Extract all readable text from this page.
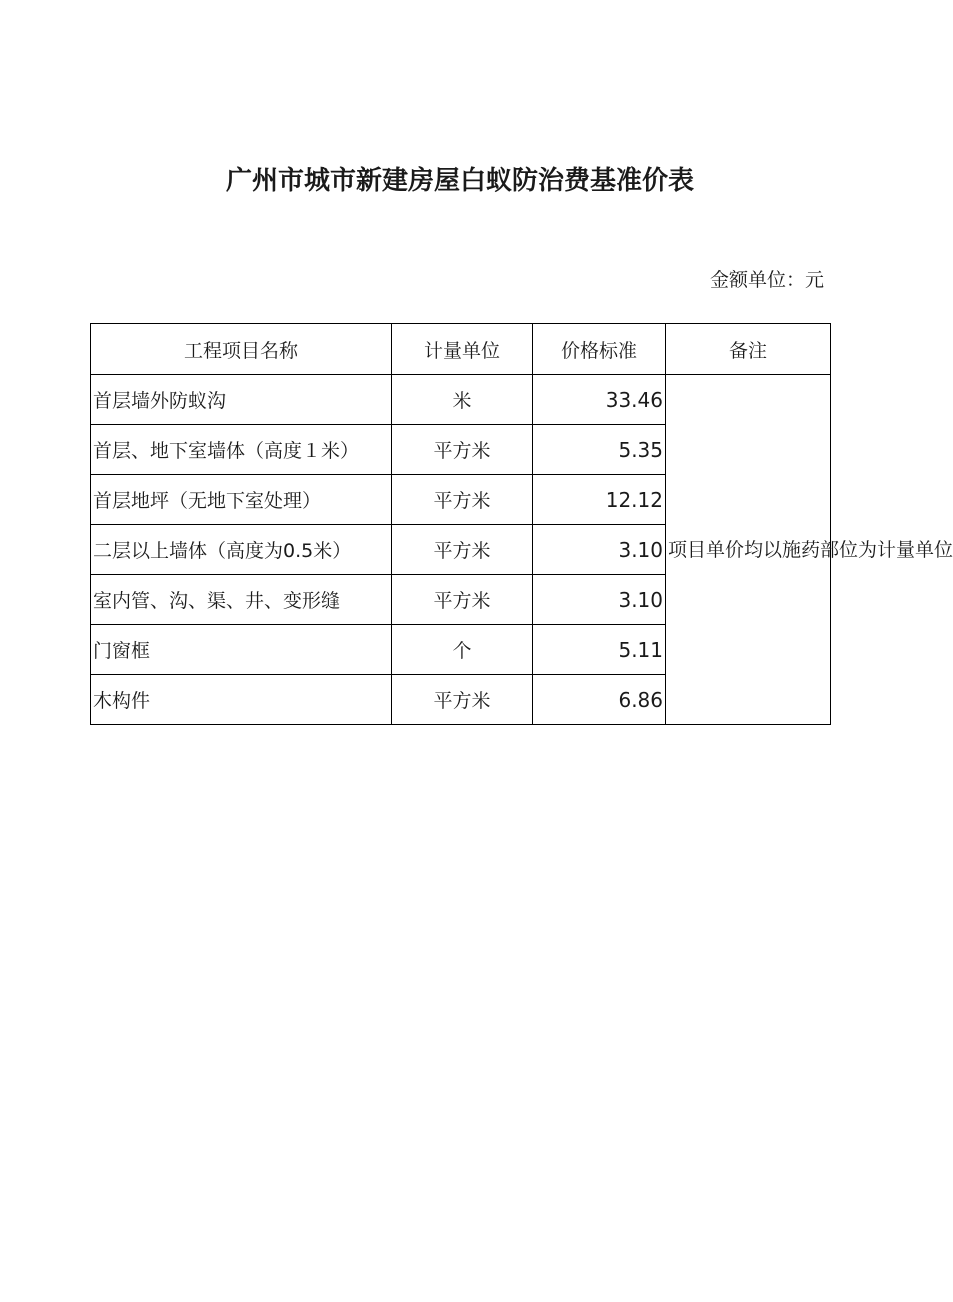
广州市城市新建房屋白蚁防治费基准价表
金额单位：元
工程项目名称	计量单位	价格标准	备注
首层墙外防蚁沟	米	33.46	项目单价均以施药部位为计量单位
首层、地下室墙体（高度１米）	平方米	5.35	
首层地坪（无地下室处理）	平方米	12.12	
二层以上墙体（高度为0.5米）	平方米	3.10	
室内管、沟、渠、井、变形缝	平方米	3.10	
门窗框	个	5.11	
木构件	平方米	6.86	
